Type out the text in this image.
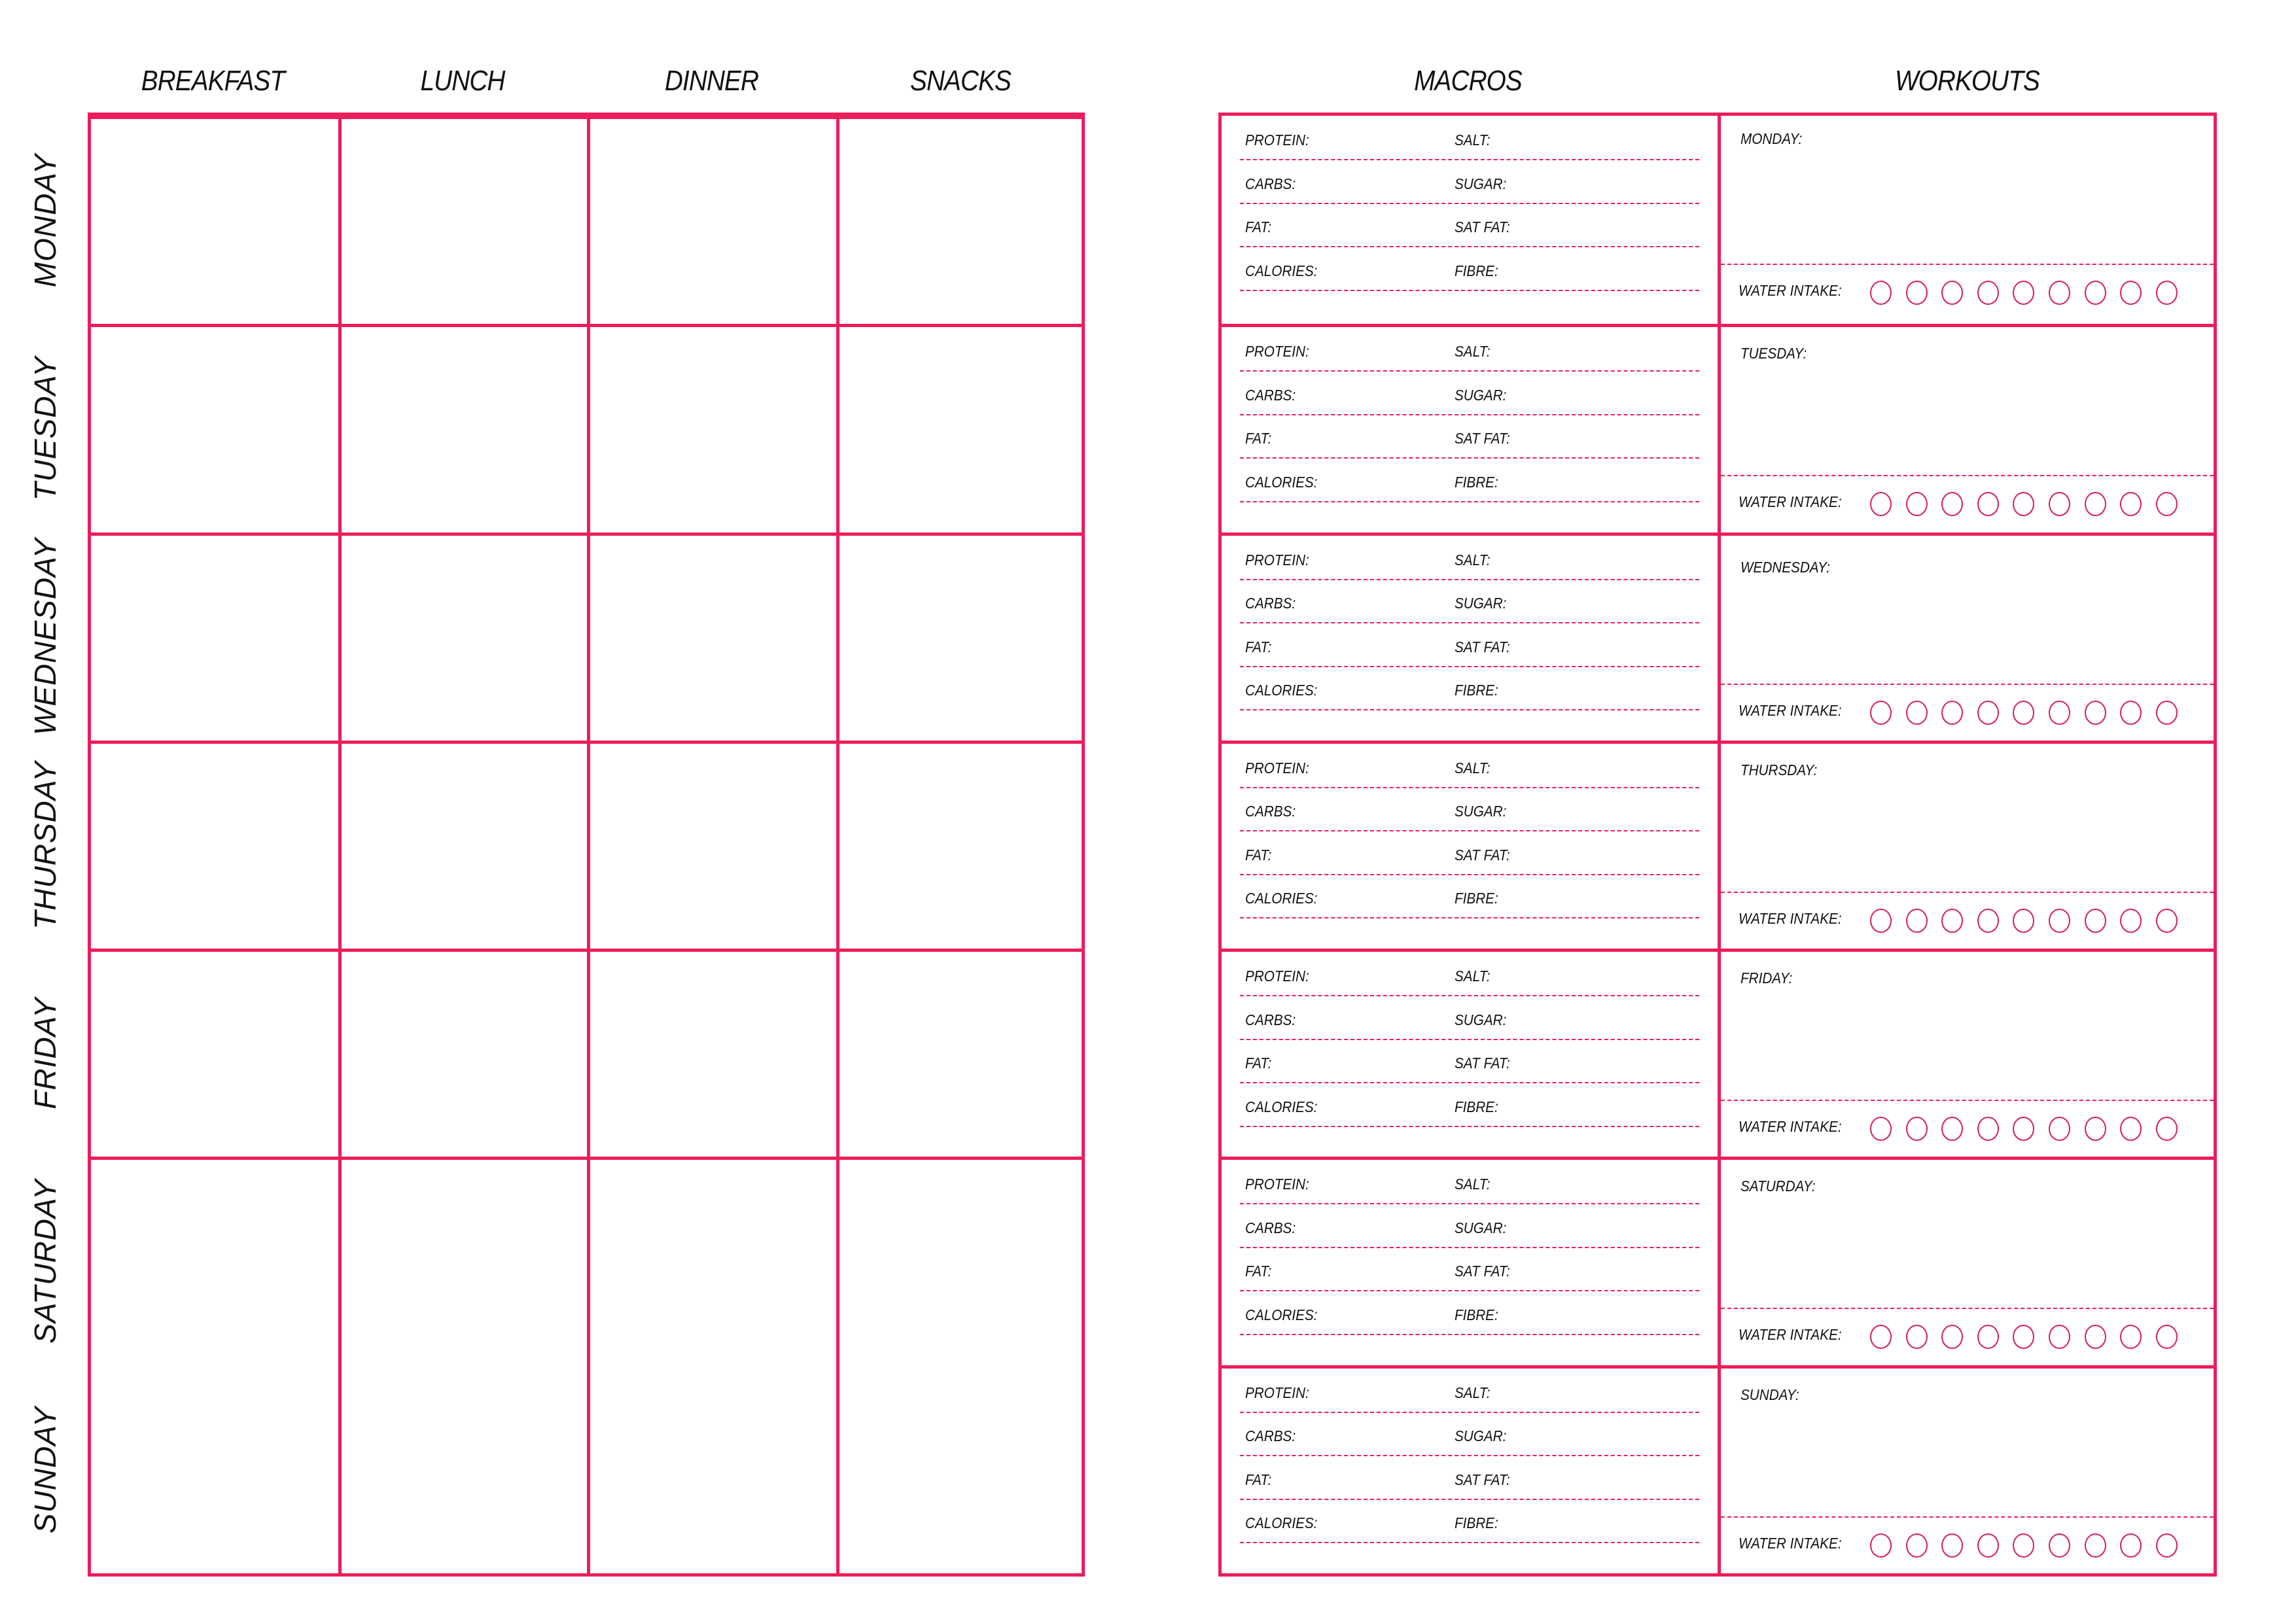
BREAKFAST	LUNCH	DINNER	SNACKS	MACROS	WORKOUTS
MONDAY
TUESDAY
WEDNESDAY
THURSDAY
FRIDAY
SATURDAY
SUNDAY
PROTEIN:	SALT:
CARBS:	SUGAR:
FAT:	SAT FAT:
CALORIES:	FIBRE:
MONDAY:
WATER INTAKE:
PROTEIN:	SALT:
CARBS:	SUGAR:
FAT:	SAT FAT:
CALORIES:	FIBRE:
TUESDAY:
WATER INTAKE:
PROTEIN:	SALT:
CARBS:	SUGAR:
FAT:	SAT FAT:
CALORIES:	FIBRE:
WEDNESDAY:
WATER INTAKE:
PROTEIN:	SALT:
CARBS:	SUGAR:
FAT:	SAT FAT:
CALORIES:	FIBRE:
THURSDAY:
WATER INTAKE:
PROTEIN:	SALT:
CARBS:	SUGAR:
FAT:	SAT FAT:
CALORIES:	FIBRE:
FRIDAY:
WATER INTAKE:
PROTEIN:	SALT:
CARBS:	SUGAR:
FAT:	SAT FAT:
CALORIES:	FIBRE:
SATURDAY:
WATER INTAKE:
PROTEIN:	SALT:
CARBS:	SUGAR:
FAT:	SAT FAT:
CALORIES:	FIBRE:
SUNDAY:
WATER INTAKE:
